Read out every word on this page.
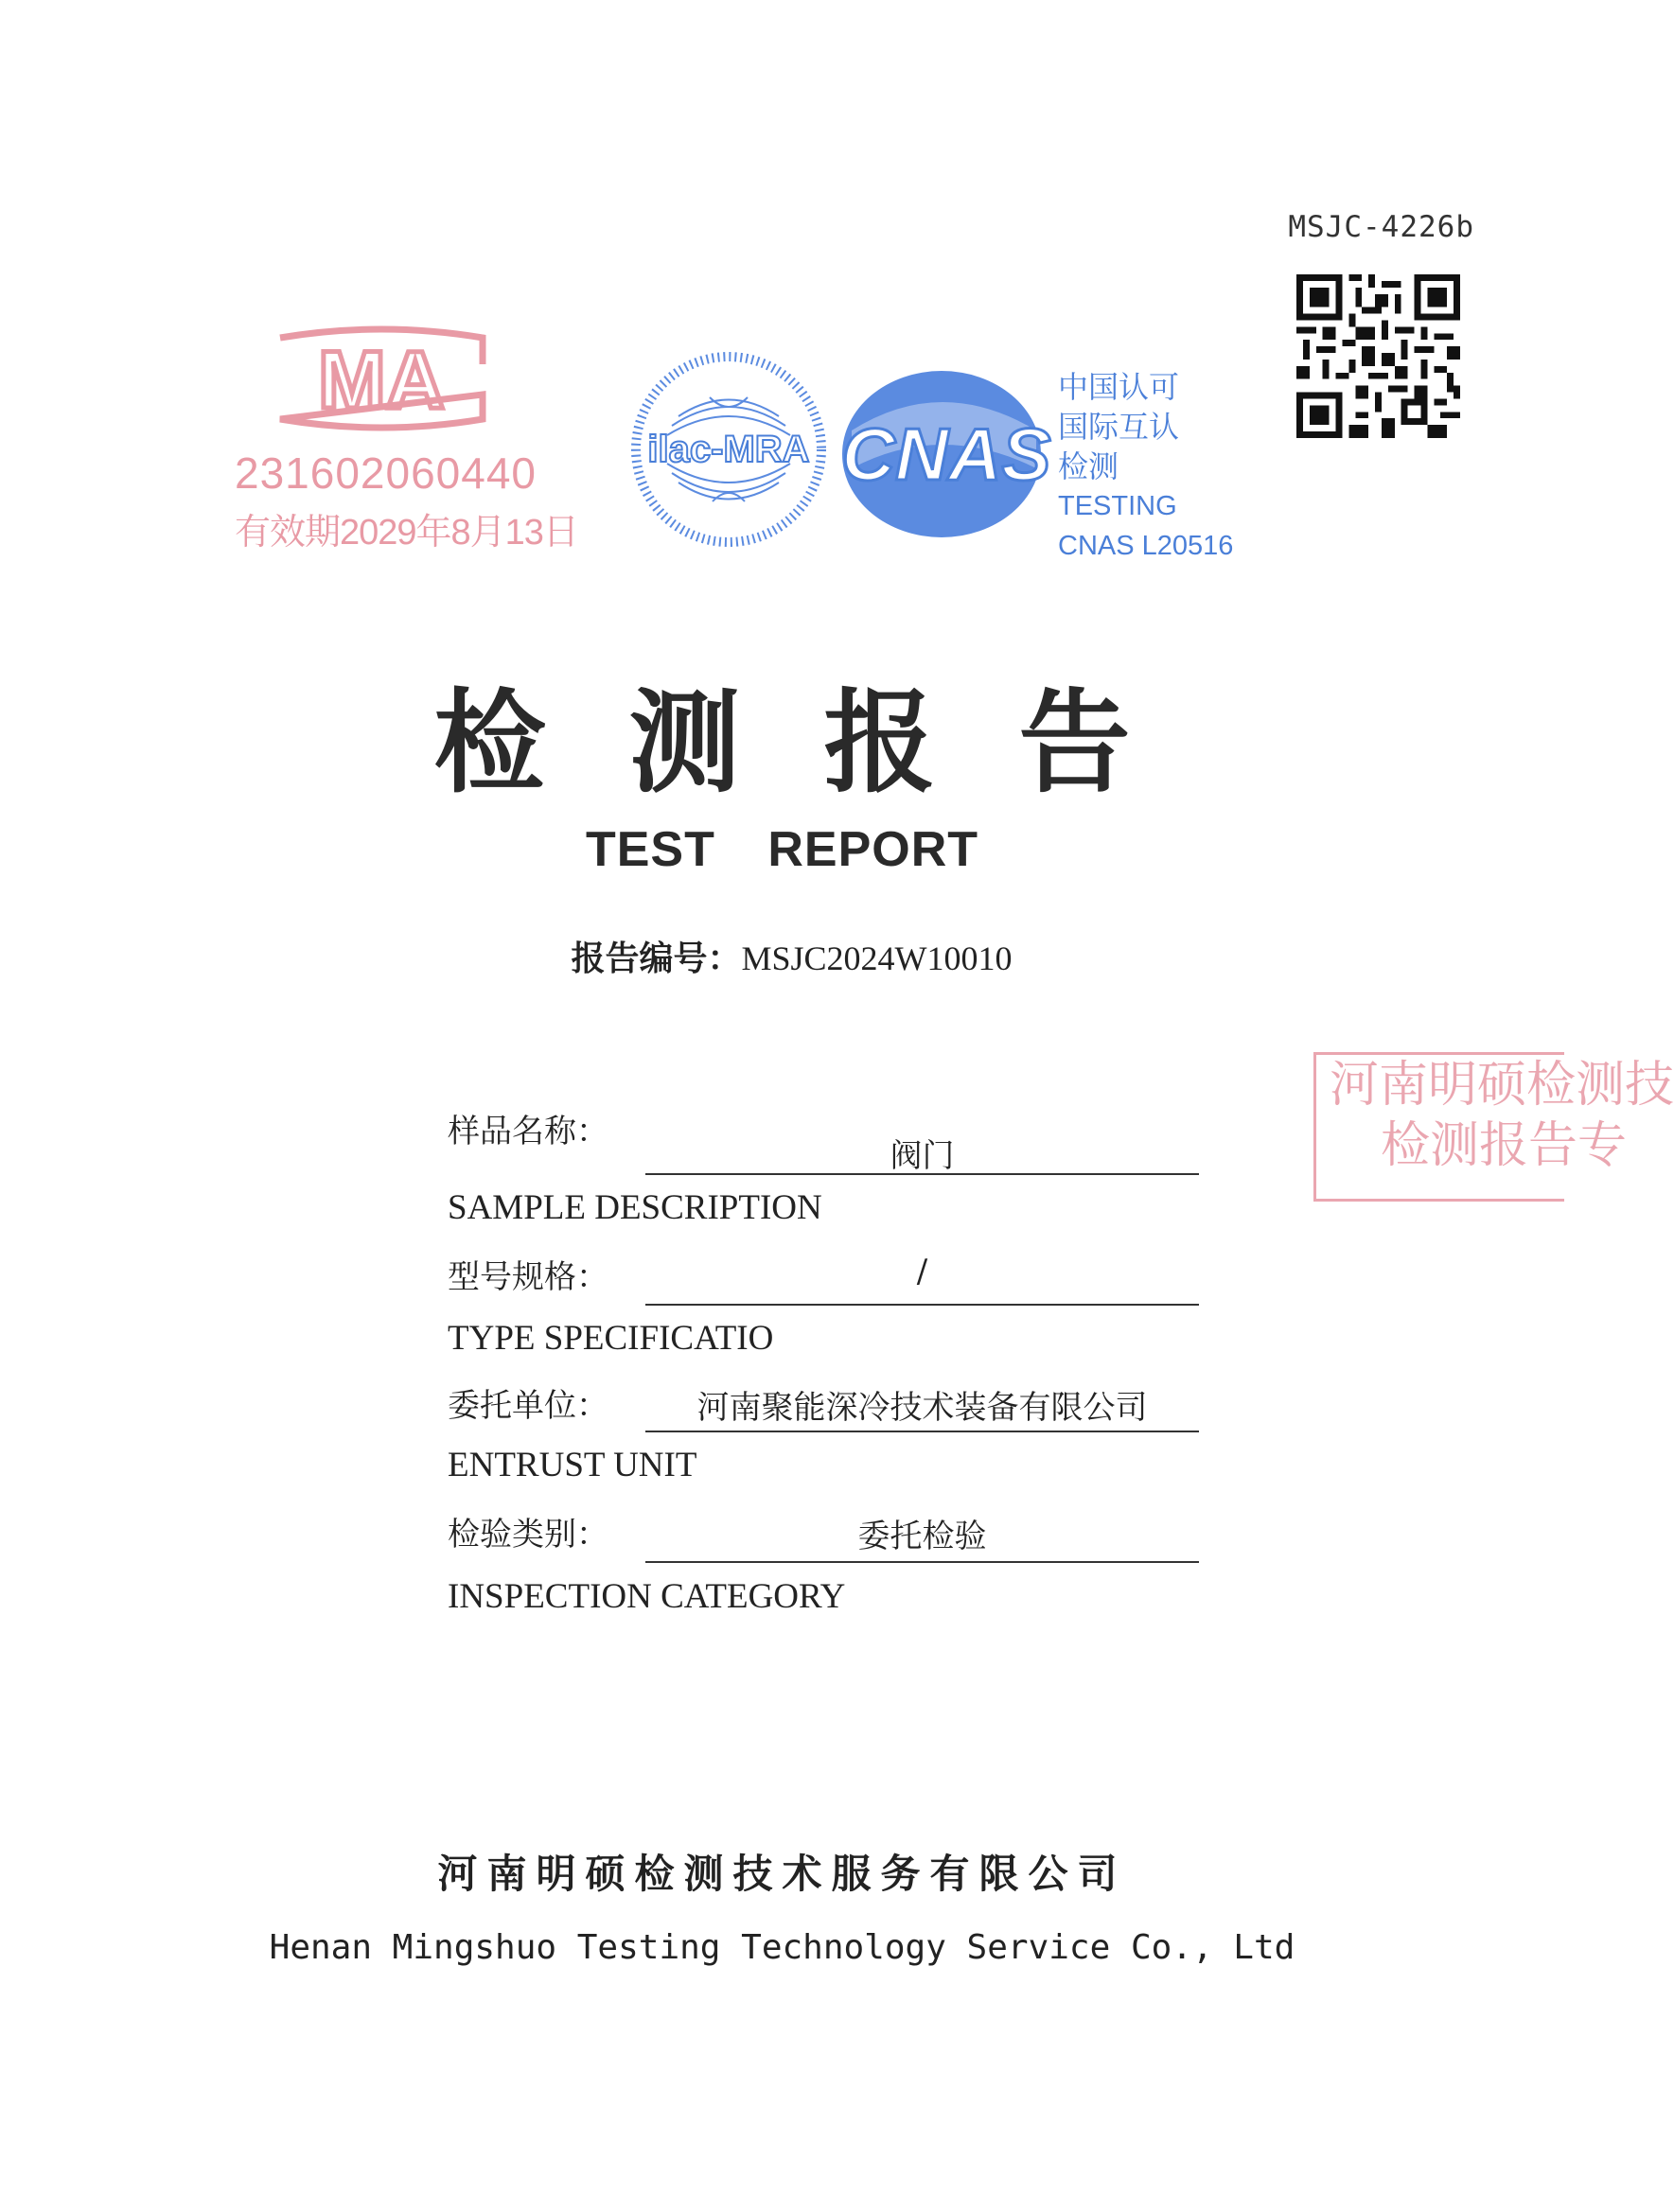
MSJC-4226b
MA
231602060440
有效期2029年8月13日
ilac-MRA CNAS
中国认可
国际互认
检测
TESTING
CNAS L20516
检测报告
TEST REPORT
报告编号：MSJC2024W10010
样品名称：
阀门
SAMPLE DESCRIPTION
型号规格：	/
TYPE SPECIFICATIO
委托单位：	河南聚能深冷技术装备有限公司
ENTRUST UNIT
检验类别：	委托检验
INSPECTION CATEGORY
河南明硕检测技
检测报告专
河南明硕检测技术服务有限公司
Henan Mingshuo Testing Technology Service Co., Ltd
